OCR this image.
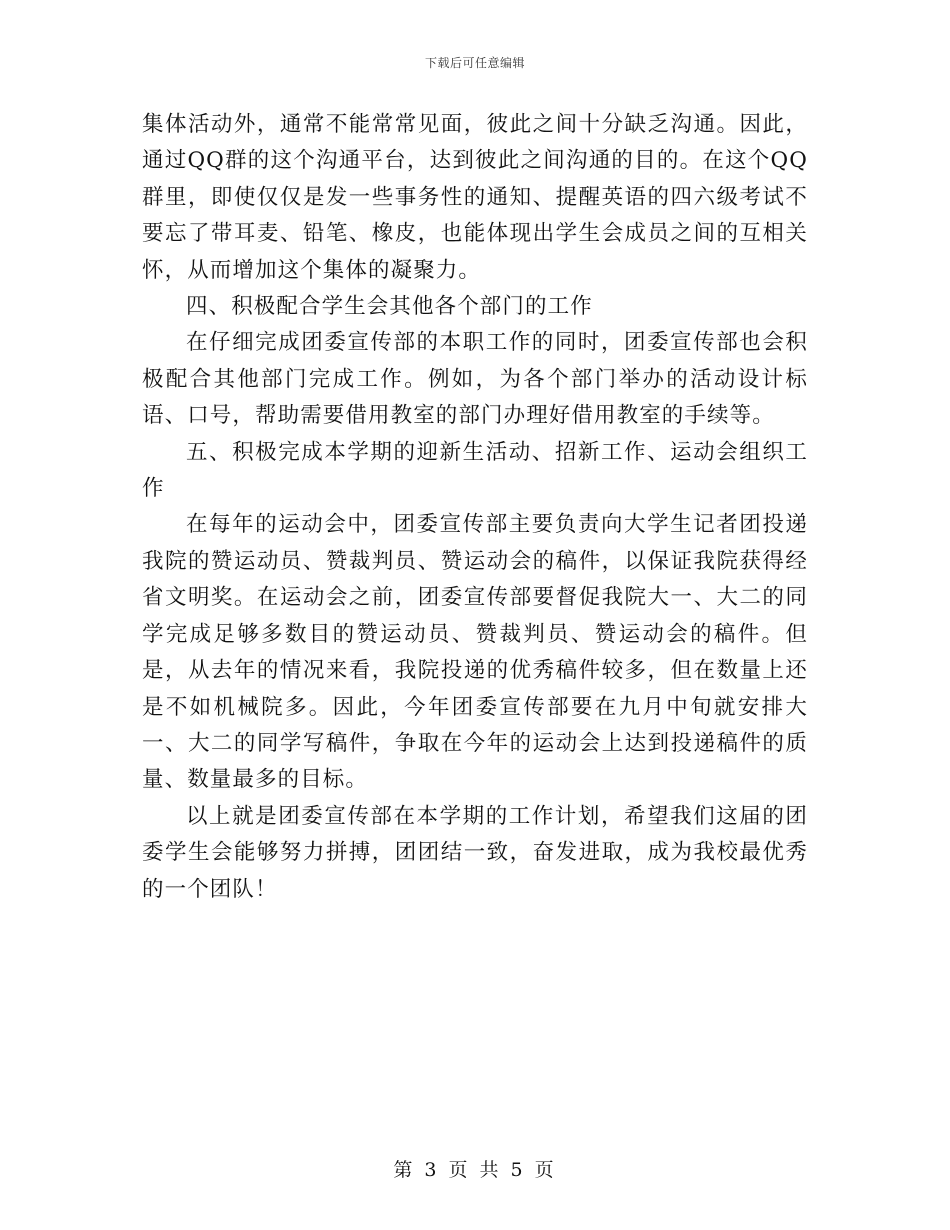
下载后可任意编辑

集体活动外，通常不能常常见面，彼此之间十分缺乏沟通。因此，通过QQ群的这个沟通平台，达到彼此之间沟通的目的。在这个QQ群里，即使仅仅是发一些事务性的通知、提醒英语的四六级考试不要忘了带耳麦、铅笔、橡皮，也能体现出学生会成员之间的互相关怀，从而增加这个集体的凝聚力。

四、积极配合学生会其他各个部门的工作

在仔细完成团委宣传部的本职工作的同时，团委宣传部也会积极配合其他部门完成工作。例如，为各个部门举办的活动设计标语、口号，帮助需要借用教室的部门办理好借用教室的手续等。

五、积极完成本学期的迎新生活动、招新工作、运动会组织工作

在每年的运动会中，团委宣传部主要负责向大学生记者团投递我院的赞运动员、赞裁判员、赞运动会的稿件，以保证我院获得经省文明奖。在运动会之前，团委宣传部要督促我院大一、大二的同学完成足够多数目的赞运动员、赞裁判员、赞运动会的稿件。但是，从去年的情况来看，我院投递的优秀稿件较多，但在数量上还是不如机械院多。因此，今年团委宣传部要在九月中旬就安排大一、大二的同学写稿件，争取在今年的运动会上达到投递稿件的质量、数量最多的目标。

以上就是团委宣传部在本学期的工作计划，希望我们这届的团委学生会能够努力拼搏，团团结一致，奋发进取，成为我校最优秀的一个团队！

第 3 页 共 5 页
